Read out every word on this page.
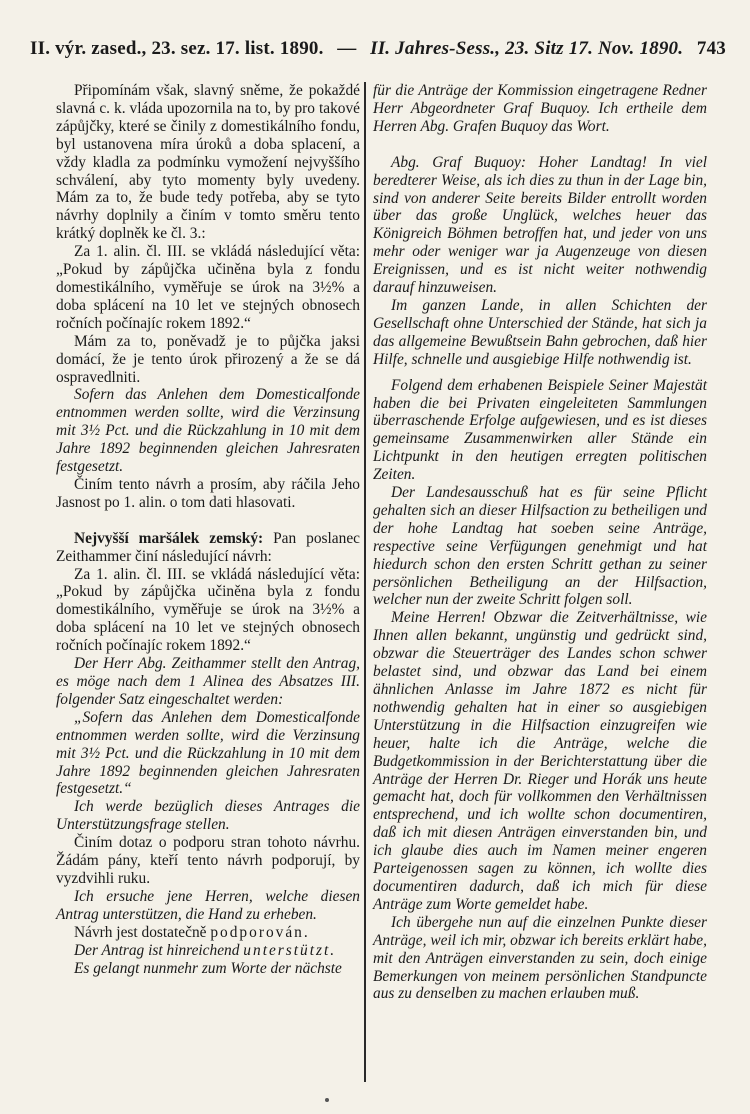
II. výr. zased., 23. sez. 17. list. 1890. — II. Jahres-Sess., 23. Sitz 17. Nov. 1890. 743

Připomínám však, slavný sněme, že pokaždé slavná c. k. vláda upozornila na to, by pro takové zápůjčky, které se činily z domestikálního fondu, byl ustanovena míra úroků a doba splacení, a vždy kladla za podmínku vymožení nejvyššího schválení, aby tyto momenty byly uvedeny. Mám za to, že bude tedy potřeba, aby se tyto návrhy doplnily a činím v tomto směru tento krátký doplněk ke čl. 3.:

Za 1. alin. čl. III. se vkládá následující věta: „Pokud by zápůjčka učiněna byla z fondu domestikálního, vyměřuje se úrok na 3½% a doba splácení na 10 let ve stejných obnosech ročních počínajíc rokem 1892.“

Mám za to, poněvadž je to půjčka jaksi domácí, že je tento úrok přirozený a že se dá ospravedlniti.

Sofern das Anlehen dem Domesticalfonde entnommen werden sollte, wird die Verzinsung mit 3½ Pct. und die Rückzahlung in 10 mit dem Jahre 1892 beginnenden gleichen Jahresraten festgesetzt.

Činím tento návrh a prosím, aby ráčila Jeho Jasnost po 1. alin. o tom dati hlasovati.

Nejvyšší maršálek zemský: Pan poslanec Zeithammer činí následující návrh:

Za 1. alin. čl. III. se vkládá následující věta: „Pokud by zápůjčka učiněna byla z fondu domestikálního, vyměřuje se úrok na 3½% a doba splácení na 10 let ve stejných obnosech ročních počínajíc rokem 1892.“

Der Herr Abg. Zeithammer stellt den Antrag, es möge nach dem 1 Alinea des Absatzes III. folgender Satz eingeschaltet werden:

„Sofern das Anlehen dem Domesticalfonde entnommen werden sollte, wird die Verzinsung mit 3½ Pct. und die Rückzahlung in 10 mit dem Jahre 1892 beginnenden gleichen Jahresraten festgesetzt.“

Ich werde bezüglich dieses Antrages die Unterstützungsfrage stellen.

Činím dotaz o podporu stran tohoto návrhu. Žádám pány, kteří tento návrh podporují, by vyzdvihli ruku.

Ich ersuche jene Herren, welche diesen Antrag unterstützen, die Hand zu erheben.

Návrh jest dostatečně podporován.

Der Antrag ist hinreichend unterstützt.

Es gelangt nunmehr zum Worte der nächste

für die Anträge der Kommission eingetragene Redner Herr Abgeordneter Graf Buquoy. Ich ertheile dem Herren Abg. Grafen Buquoy das Wort.

Abg. Graf Buquoy: Hoher Landtag! In viel beredterer Weise, als ich dies zu thun in der Lage bin, sind von anderer Seite bereits Bilder entrollt worden über das große Unglück, welches heuer das Königreich Böhmen betroffen hat, und jeder von uns mehr oder weniger war ja Augenzeuge von diesen Ereignissen, und es ist nicht weiter nothwendig darauf hinzuweisen.

Im ganzen Lande, in allen Schichten der Gesellschaft ohne Unterschied der Stände, hat sich ja das allgemeine Bewußtsein Bahn gebrochen, daß hier Hilfe, schnelle und ausgiebige Hilfe nothwendig ist.

Folgend dem erhabenen Beispiele Seiner Majestät haben die bei Privaten eingeleiteten Sammlungen überraschende Erfolge aufgewiesen, und es ist dieses gemeinsame Zusammenwirken aller Stände ein Lichtpunkt in den heutigen erregten politischen Zeiten.

Der Landesausschuß hat es für seine Pflicht gehalten sich an dieser Hilfsaction zu betheiligen und der hohe Landtag hat soeben seine Anträge, respective seine Verfügungen genehmigt und hat hiedurch schon den ersten Schritt gethan zu seiner persönlichen Betheiligung an der Hilfsaction, welcher nun der zweite Schritt folgen soll.

Meine Herren! Obzwar die Zeitverhältnisse, wie Ihnen allen bekannt, ungünstig und gedrückt sind, obzwar die Steuerträger des Landes schon schwer belastet sind, und obzwar das Land bei einem ähnlichen Anlasse im Jahre 1872 es nicht für nothwendig gehalten hat in einer so ausgiebigen Unterstützung in die Hilfsaction einzugreifen wie heuer, halte ich die Anträge, welche die Budgetkommission in der Berichterstattung über die Anträge der Herren Dr. Rieger und Horák uns heute gemacht hat, doch für vollkommen den Verhältnissen entsprechend, und ich wollte schon documentiren, daß ich mit diesen Anträgen einverstanden bin, und ich glaube dies auch im Namen meiner engeren Parteigenossen sagen zu können, ich wollte dies documentiren dadurch, daß ich mich für diese Anträge zum Worte gemeldet habe.

Ich übergehe nun auf die einzelnen Punkte dieser Anträge, weil ich mir, obzwar ich bereits erklärt habe, mit den Anträgen einverstanden zu sein, doch einige Bemerkungen von meinem persönlichen Standpuncte aus zu denselben zu machen erlauben muß.
